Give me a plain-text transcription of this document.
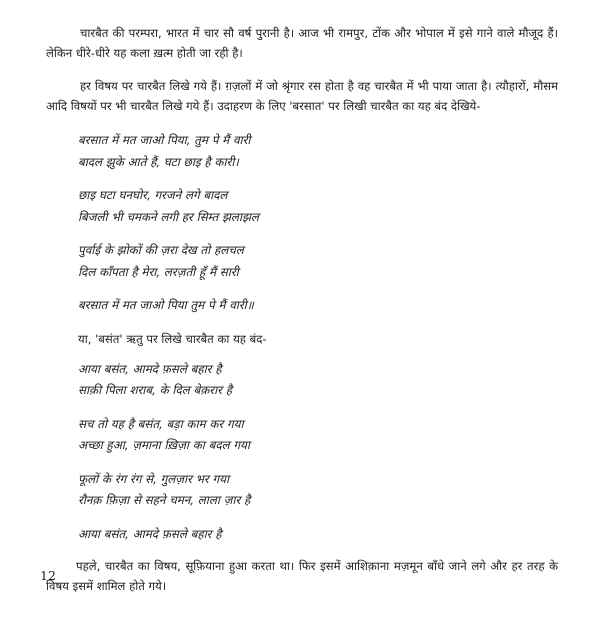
चारबैत की परम्परा, भारत में चार सौ वर्ष पुरानी है। आज भी रामपुर, टोंक और भोपाल में इसे गाने वाले मौजूद हैं। लेकिन धीरे-धीरे यह कला ख़त्म होती जा रही है।

हर विषय पर चारबैत लिखे गये हैं। ग़ज़लों में जो श्रृंगार रस होता है वह चारबैत में भी पाया जाता है। त्यौहारों, मौसम आदि विषयों पर भी चारबैत लिखे गये हैं। उदाहरण के लिए 'बरसात' पर लिखी चारबैत का यह बंद देखिये-

बरसात में मत जाओ पिया, तुम पे मैं वारी

बादल झुके आते हैं, घटा छाइ है कारी।

छाइ घटा घनघोर, गरजने लगे बादल

बिजली भी चमकने लगी हर सिम्त झलाझल

पुर्वाई के झोकों की ज़रा देख तो हलचल

दिल काँपता है मेरा, लरज़ती हूँ मैं सारी

बरसात में मत जाओ पिया तुम पे मैं वारी॥

या, 'बसंत' ऋतु पर लिखे चारबैत का यह बंद-

आया बसंत, आमदे फ़सले बहार है

साक़ी पिला शराब, के दिल बेक़रार है

सच तो यह है बसंत, बड़ा काम कर गया

अच्छा हुआ, ज़माना ख़िज़ा का बदल गया

फूलों के रंग रंग से, गुलज़ार भर गया

रौनक़ फ़िज़ा से सहने चमन, लाला ज़ार है

आया बसंत, आमदे फ़सले बहार है

पहले, चारबैत का विषय, सूफ़ियाना हुआ करता था। फिर इसमें आशिक़ाना मज़मून बाँधे जाने लगे और हर तरह के विषय इसमें शामिल होते गये।

12
